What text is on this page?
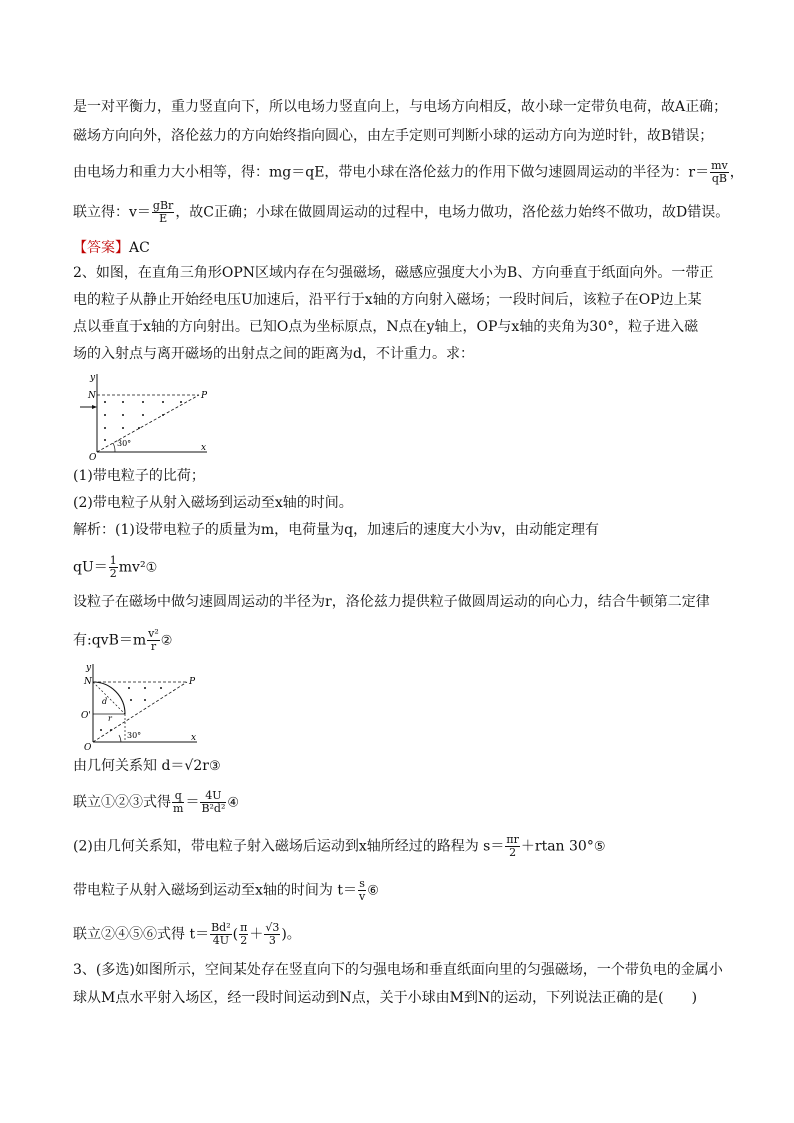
是一对平衡力，重力竖直向下，所以电场力竖直向上，与电场方向相反，故小球一定带负电荷，故A正确；
磁场方向向外，洛伦兹力的方向始终指向圆心，由左手定则可判断小球的运动方向为逆时针，故B错误；
由电场力和重力大小相等，得：mg＝qE，带电小球在洛伦兹力的作用下做匀速圆周运动的半径为：$r= \frac{mv}{qB}$ ，
联立得：$v= \frac{\text{gBr}}{E}$ ，故C正确；小球在做圆周运动的过程中，电场力做功，洛伦兹力始终不做功，故D错误。
【答案】AC
2、如图，在直角三角形OPN区域内存在匀强磁场，磁感应强度大小为B、方向垂直于纸面向外。一带正
电的粒子从静止开始经电压U加速后，沿平行于x轴的方向射入磁场；一段时间后，该粒子在OP边上某
点以垂直于x轴的方向射出。已知O点为坐标原点，N点在y轴上，OP与x轴的夹角为30°，粒子进入磁
场的入射点与离开磁场的出射点之间的距离为d，不计重力。求：
y
x
N	P
O
30°
(1)带电粒子的比荷；
(2)带电粒子从射入磁场到运动至x轴的时间。
解析：(1)设带电粒子的质量为m，电荷量为q，加速后的速度大小为v，由动能定理有
$qU= \frac{1}{2}$ mv²①
设粒子在磁场中做匀速圆周运动的半径为r，洛伦兹力提供粒子做圆周运动的向心力，结合牛顿第二定律
有:qvB＝m $\frac{\text{v²}}{r}$ ②
y
x
N	P
O'
O
d
r
30°
由几何关系知 d＝√2r③
联立①②③式得 $\frac{q}{m} = \frac{4U}{\text{B²d²}}$ ④
(2)由几何关系知，带电粒子射入磁场后运动到x轴所经过的路程为 $s= \frac{\pi r}{2} +rtan$ 30°⑤
带电粒子从射入磁场到运动至x轴的时间为 $t= \frac{s}{v}$ ⑥
联立②④⑤⑥式得 $t= \frac{\text{Bd²}}{4U}$ ( $\frac{\pi}{2} + \frac{√3}{3}$ )。
3、(多选)如图所示，空间某处存在竖直向下的匀强电场和垂直纸面向里的匀强磁场，一个带负电的金属小
球从M点水平射入场区，经一段时间运动到N点，关于小球由M到N的运动，下列说法正确的是(　　)
